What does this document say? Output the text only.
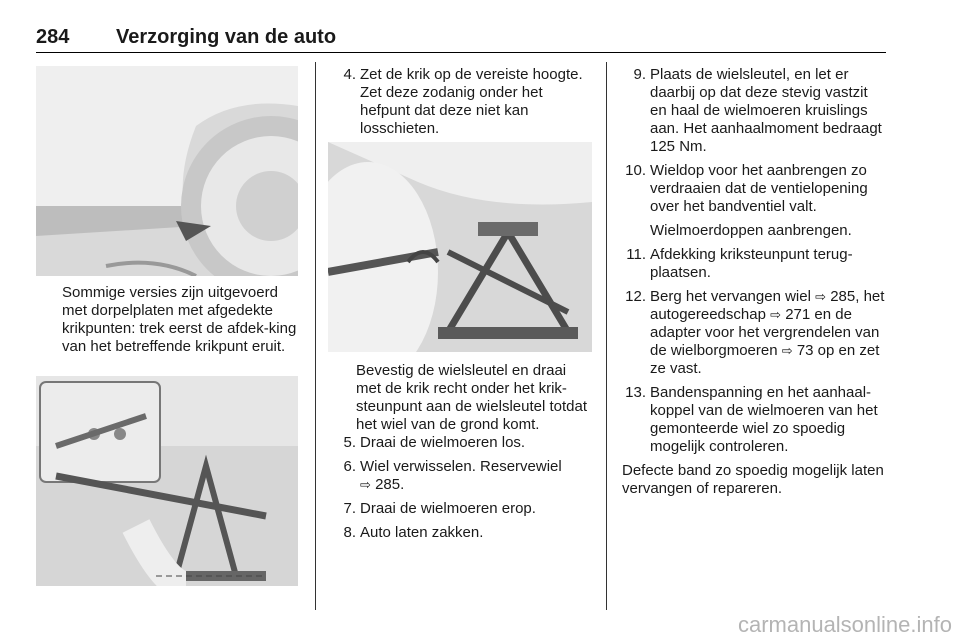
284 Verzorging van de auto
Sommige versies zijn uitgevoerd met dorpelplaten met afgedekte krikpunten: trek eerst de afdek-king van het betreffende krikpunt eruit.
4. Zet de krik op de vereiste hoogte. Zet deze zodanig onder het hefpunt dat deze niet kan losschieten.
Bevestig de wielsleutel en draai met de krik recht onder het krik-steunpunt aan de wielsleutel totdat het wiel van de grond komt.
5. Draai de wielmoeren los.
6. Wiel verwisselen. Reservewiel
⇨ 285.
7. Draai de wielmoeren erop.
8. Auto laten zakken.
9. Plaats de wielsleutel, en let er daarbij op dat deze stevig vastzit en haal de wielmoeren kruislings aan. Het aanhaalmoment bedraagt 125 Nm.
10. Wieldop voor het aanbrengen zo verdraaien dat de ventielopening over het bandventiel valt.
Wielmoerdoppen aanbrengen.
11. Afdekking kriksteunpunt terug-plaatsen.
12. Berg het vervangen wiel ⇨ 285, het autogereedschap ⇨ 271 en de adapter voor het vergrendelen van de wielborgmoeren ⇨ 73 op en zet ze vast.
13. Bandenspanning en het aanhaal-koppel van de wielmoeren van het gemonteerde wiel zo spoedig mogelijk controleren.
Defecte band zo spoedig mogelijk laten vervangen of repareren.
carmanualsonline.info
